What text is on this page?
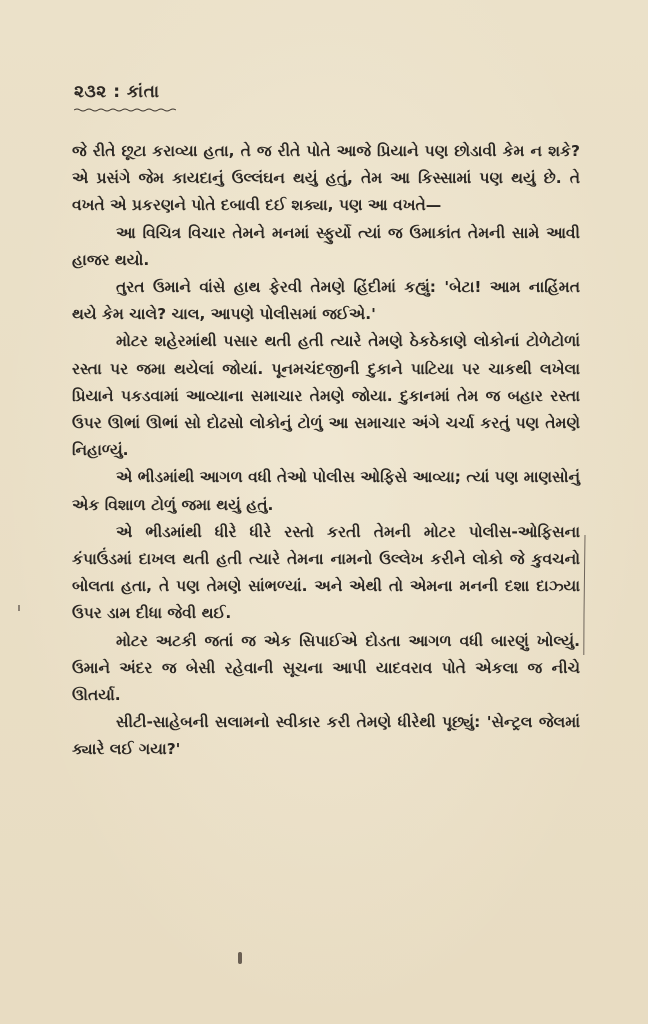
૨૩૨ : કાંતા

જે રીતે છૂટા કરાવ્યા હતા, તે જ રીતે પોતે આજે પ્રિયાને પણ છોડાવી કેમ ન શકે? એ પ્રસંગે જેમ કાયદાનું ઉલ્લંઘન થયું હતું, તેમ આ કિસ્સામાં પણ થયું છે. તે વખતે એ પ્રકરણને પોતે દબાવી દઈ શક્યા, પણ આ વખતે—

આ વિચિત્ર વિચાર તેમને મનમાં સ્ફુર્યો ત્યાં જ ઉમાકાંત તેમની સામે આવી હાજર થયો.

તુરત ઉમાને વાંસે હાથ ફેરવી તેમણે હિંદીમાં કહ્યું: 'બેટા! આમ નાહિંમત થયે કેમ ચાલે? ચાલ, આપણે પોલીસમાં જઈએ.'

મોટર શહેરમાંથી પસાર થતી હતી ત્યારે તેમણે ઠેકઠેકાણે લોકોનાં ટોળેટોળાં રસ્તા પર જમા થયેલાં જોયાં. પૂનમચંદજીની દુકાને પાટિયા પર ચાકથી લખેલા પ્રિયાને પકડવામાં આવ્યાના સમાચાર તેમણે જોયા. દુકાનમાં તેમ જ બહાર રસ્તા ઉપર ઊભાં ઊભાં સો દોઢસો લોકોનું ટોળું આ સમાચાર અંગે ચર્ચા કરતું પણ તેમણે નિહાળ્યું.

એ ભીડમાંથી આગળ વધી તેઓ પોલીસ ઓફિસે આવ્યા; ત્યાં પણ માણસોનું એક વિશાળ ટોળું જમા થયું હતું.

એ ભીડમાંથી ધીરે ધીરે રસ્તો કરતી તેમની મોટર પોલીસ-ઓફિસના કંપાઉંડમાં દાખલ થતી હતી ત્યારે તેમના નામનો ઉલ્લેખ કરીને લોકો જે કુવચનો બોલતા હતા, તે પણ તેમણે સાંભળ્યાં. અને એથી તો એમના મનની દશા દાઝ્યા ઉપર ડામ દીધા જેવી થઈ.

મોટર અટકી જતાં જ એક સિપાઈએ દોડતા આગળ વધી બારણું ખોલ્યું. ઉમાને અંદર જ બેસી રહેવાની સૂચના આપી યાદવરાવ પોતે એકલા જ નીચે ઊતર્યા.

સીટી-સાહેબની સલામનો સ્વીકાર કરી તેમણે ધીરેથી પૂછ્યું: 'સેન્ટ્રલ જેલમાં ક્યારે લઈ ગયા?'
